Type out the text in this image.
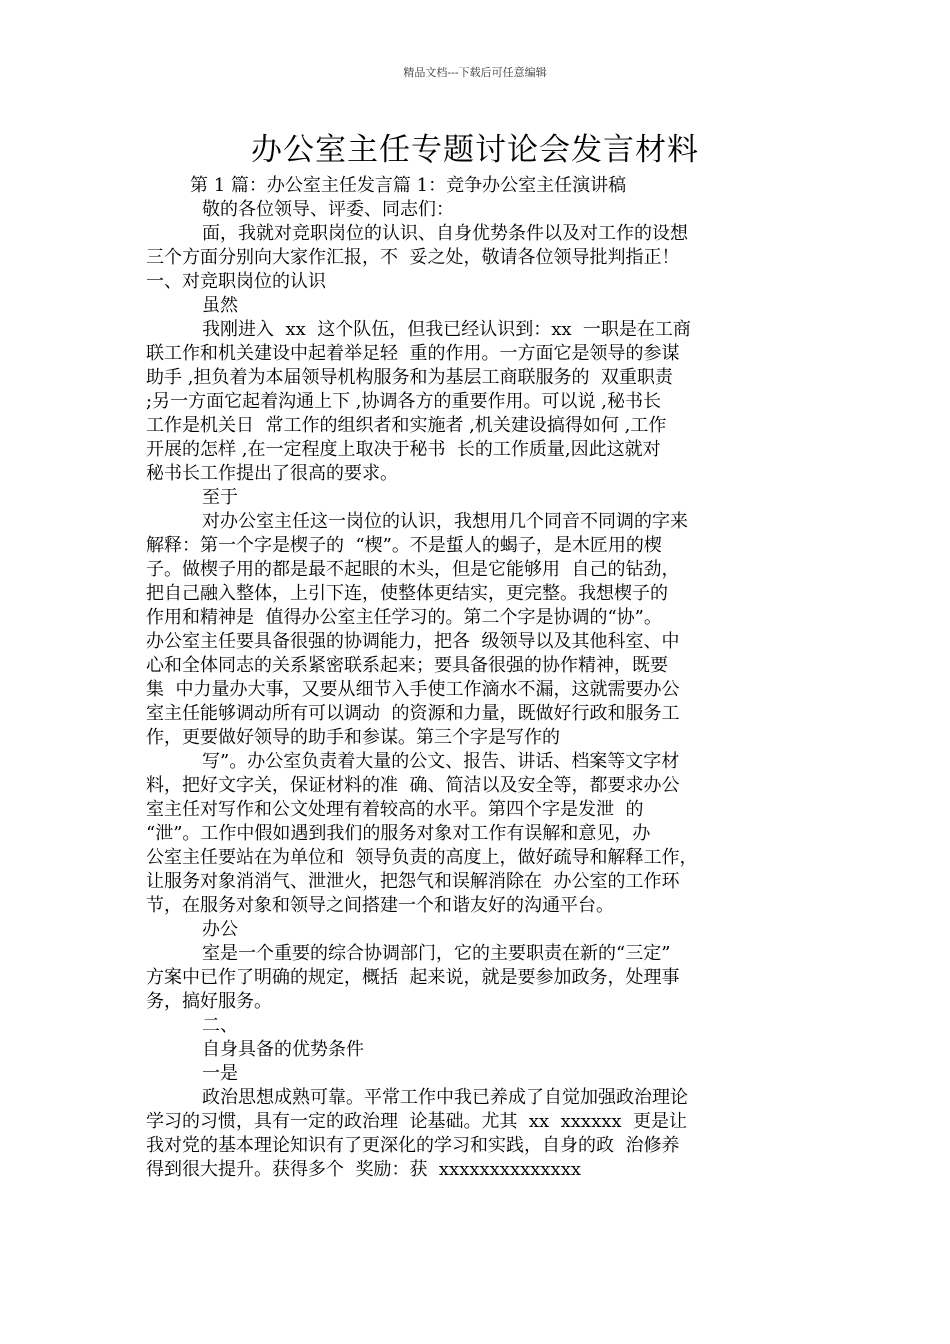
精品文档---下载后可任意编辑
办公室主任专题讨论会发言材料
第 1 篇：办公室主任发言篇 1：竞争办公室主任演讲稿
敬的各位领导、评委、同志们：
面，我就对竞职岗位的认识、自身优势条件以及对工作的设想
三个方面分别向大家作汇报，不  妥之处，敬请各位领导批判指正！
一、对竞职岗位的认识
虽然
我刚进入  xx  这个队伍，但我已经认识到：xx  一职是在工商
联工作和机关建设中起着举足轻  重的作用。一方面它是领导的参谋
助手 ,担负着为本届领导机构服务和为基层工商联服务的  双重职责
;另一方面它起着沟通上下 ,协调各方的重要作用。可以说 ,秘书长
工作是机关日  常工作的组织者和实施者 ,机关建设搞得如何 ,工作
开展的怎样 ,在一定程度上取决于秘书  长的工作质量,因此这就对
秘书长工作提出了很高的要求。
至于
对办公室主任这一岗位的认识，我想用几个同音不同调的字来
解释：第一个字是楔子的  “楔”。不是蜇人的蝎子，是木匠用的楔
子。做楔子用的都是最不起眼的木头，但是它能够用  自己的钻劲，
把自己融入整体，上引下连，使整体更结实，更完整。我想楔子的
作用和精神是  值得办公室主任学习的。第二个字是协调的“协”。
办公室主任要具备很强的协调能力，把各  级领导以及其他科室、中
心和全体同志的关系紧密联系起来；要具备很强的协作精神，既要
集  中力量办大事，又要从细节入手使工作滴水不漏，这就需要办公
室主任能够调动所有可以调动  的资源和力量，既做好行政和服务工
作，更要做好领导的助手和参谋。第三个字是写作的
写”。办公室负责着大量的公文、报告、讲话、档案等文字材
料，把好文字关，保证材料的准  确、简洁以及安全等，都要求办公
室主任对写作和公文处理有着较高的水平。第四个字是发泄  的
“泄”。工作中假如遇到我们的服务对象对工作有误解和意见，办
公室主任要站在为单位和  领导负责的高度上，做好疏导和解释工作，
让服务对象消消气、泄泄火，把怨气和误解消除在  办公室的工作环
节，在服务对象和领导之间搭建一个和谐友好的沟通平台。
办公
室是一个重要的综合协调部门，它的主要职责在新的“三定”
方案中已作了明确的规定，概括  起来说，就是要参加政务，处理事
务，搞好服务。
二、
自身具备的优势条件
一是
政治思想成熟可靠。平常工作中我已养成了自觉加强政治理论
学习的习惯，具有一定的政治理  论基础。尤其  xx  xxxxxx  更是让
我对党的基本理论知识有了更深化的学习和实践，自身的政  治修养
得到很大提升。获得多个  奖励：获  xxxxxxxxxxxxxx
